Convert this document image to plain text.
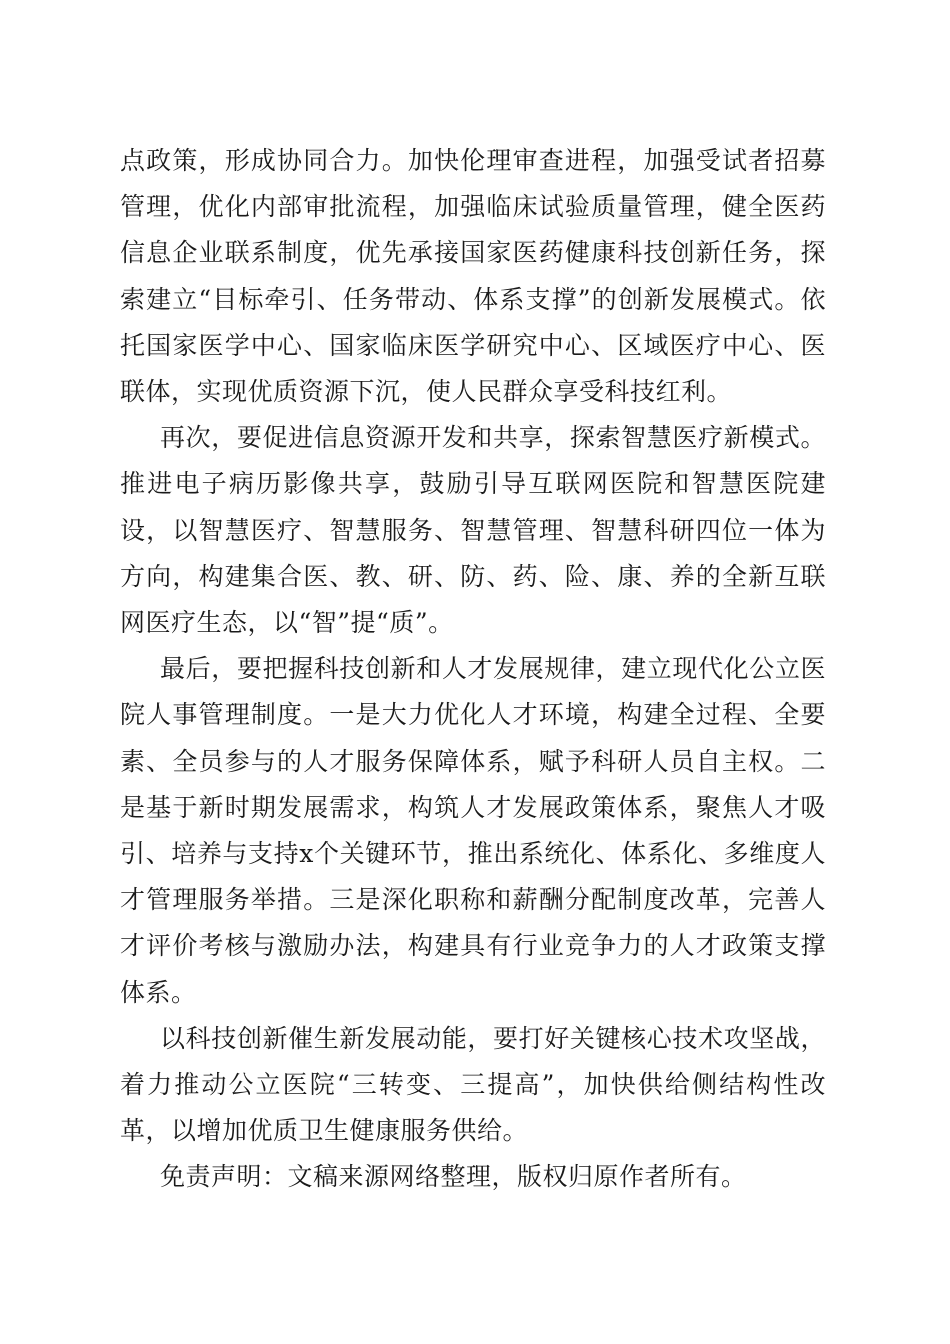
点政策，形成协同合力。加快伦理审查进程，加强受试者招募管理，优化内部审批流程，加强临床试验质量管理，健全医药信息企业联系制度，优先承接国家医药健康科技创新任务，探索建立“目标牵引、任务带动、体系支撑”的创新发展模式。依托国家医学中心、国家临床医学研究中心、区域医疗中心、医联体，实现优质资源下沉，使人民群众享受科技红利。

再次，要促进信息资源开发和共享，探索智慧医疗新模式。推进电子病历影像共享，鼓励引导互联网医院和智慧医院建设，以智慧医疗、智慧服务、智慧管理、智慧科研四位一体为方向，构建集合医、教、研、防、药、险、康、养的全新互联网医疗生态，以“智”提“质”。

最后，要把握科技创新和人才发展规律，建立现代化公立医院人事管理制度。一是大力优化人才环境，构建全过程、全要素、全员参与的人才服务保障体系，赋予科研人员自主权。二是基于新时期发展需求，构筑人才发展政策体系，聚焦人才吸引、培养与支持x个关键环节，推出系统化、体系化、多维度人才管理服务举措。三是深化职称和薪酬分配制度改革，完善人才评价考核与激励办法，构建具有行业竞争力的人才政策支撑体系。

以科技创新催生新发展动能，要打好关键核心技术攻坚战，着力推动公立医院“三转变、三提高”，加快供给侧结构性改革，以增加优质卫生健康服务供给。

免责声明：文稿来源网络整理，版权归原作者所有。
